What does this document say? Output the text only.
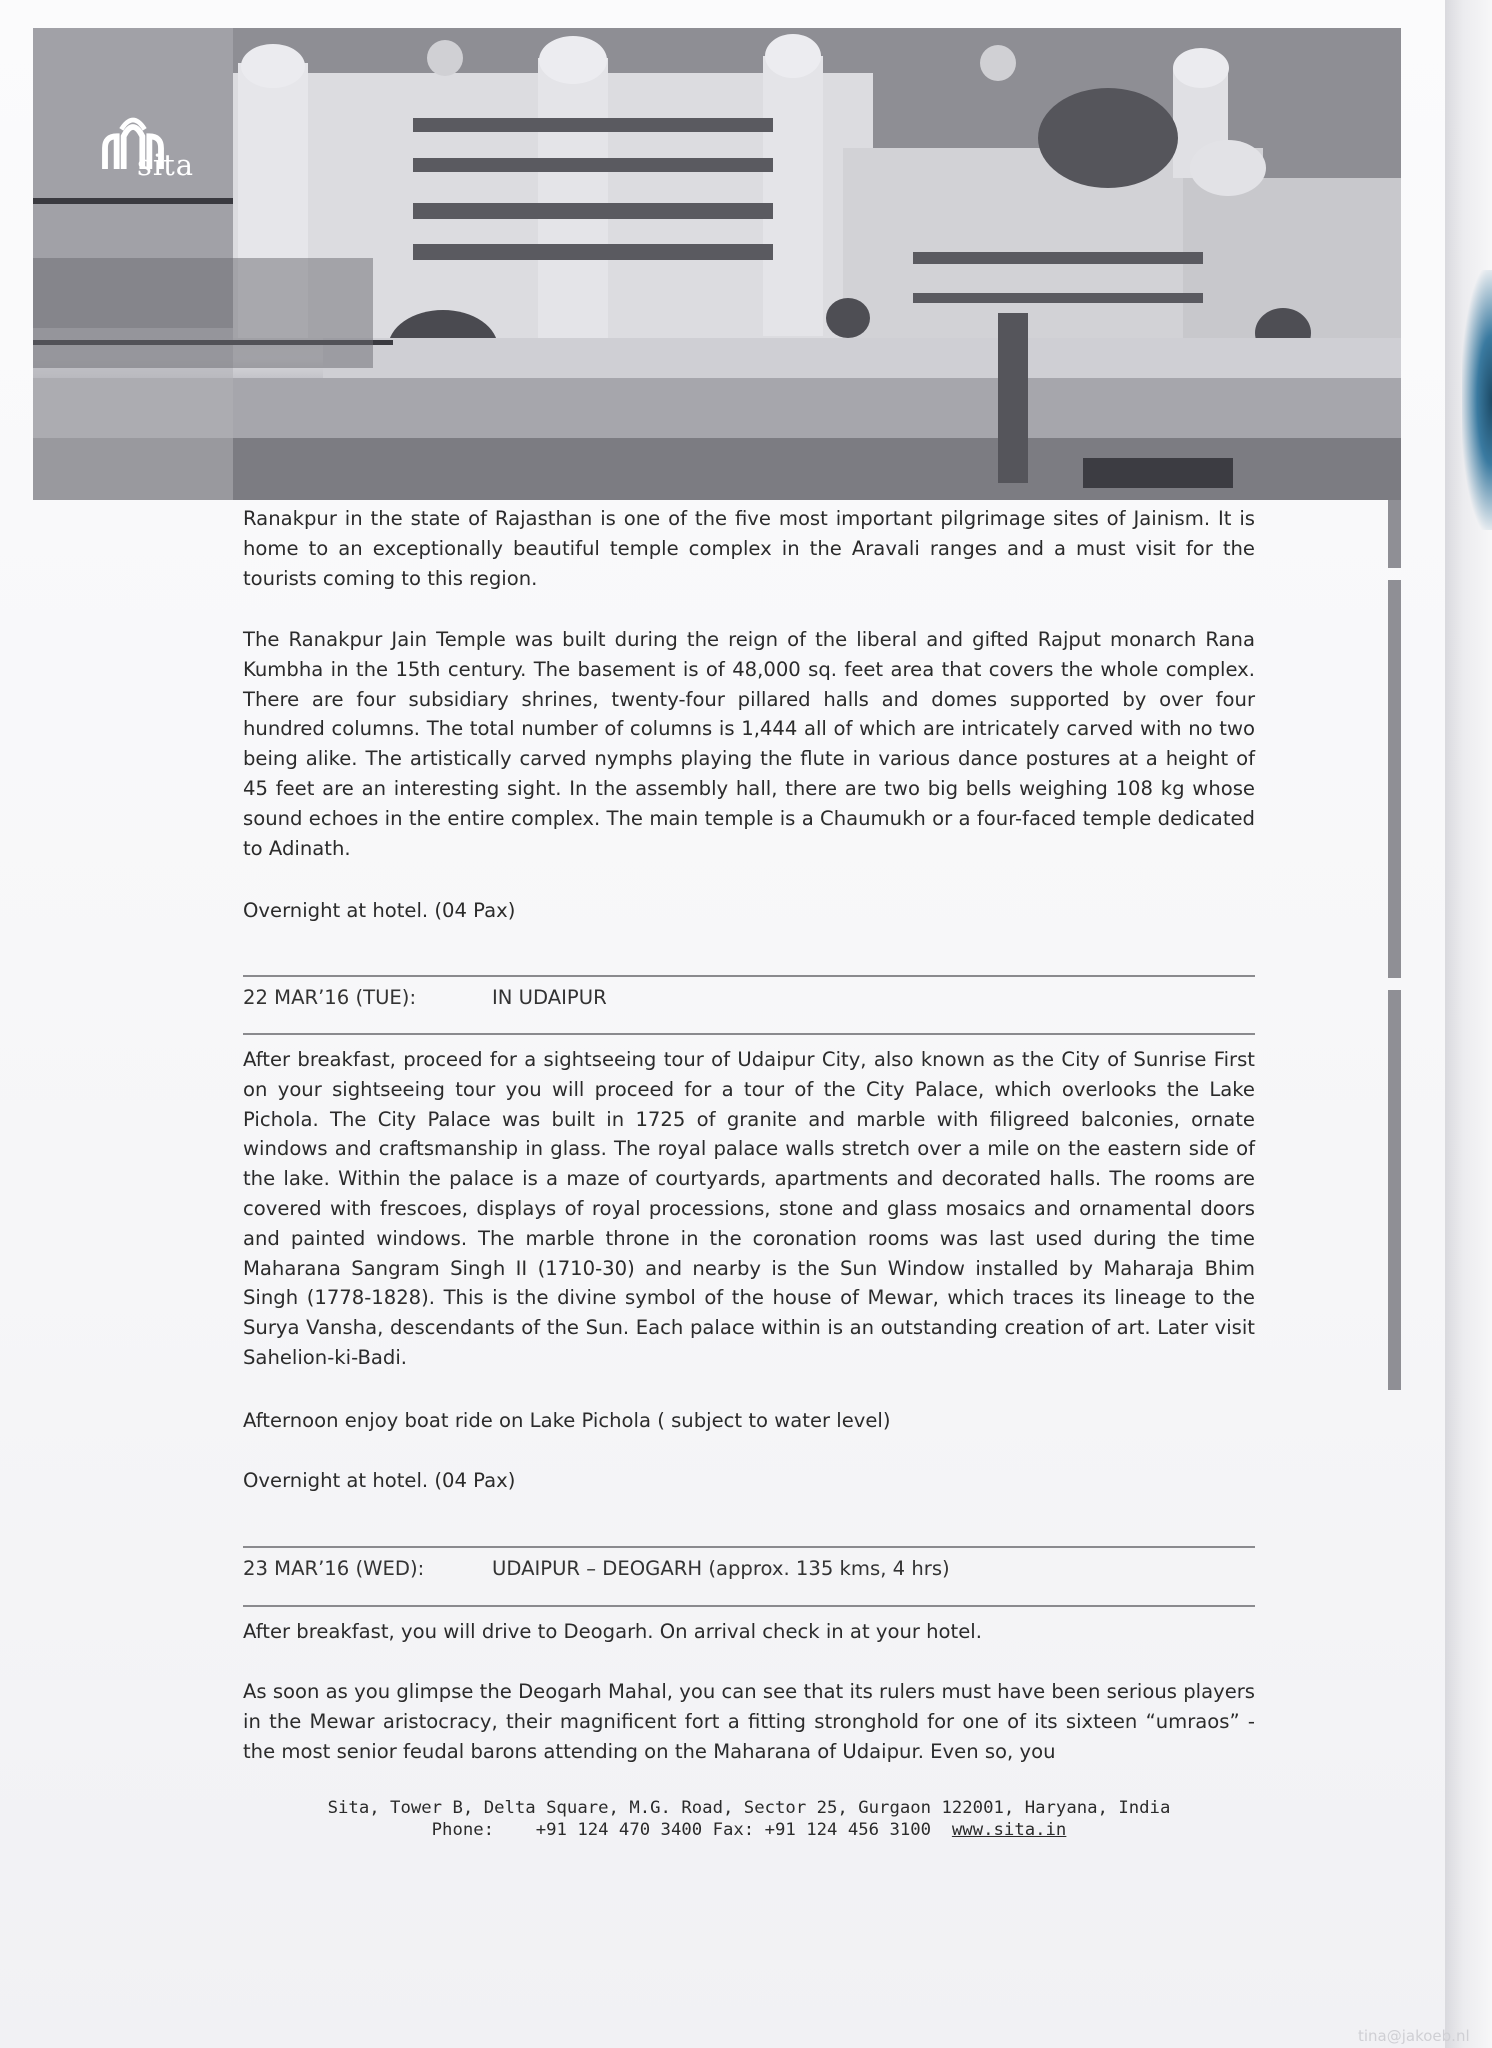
sita

Ranakpur in the state of Rajasthan is one of the five most important pilgrimage sites of Jainism. It is home to an exceptionally beautiful temple complex in the Aravali ranges and a must visit for the tourists coming to this region.

The Ranakpur Jain Temple was built during the reign of the liberal and gifted Rajput monarch Rana Kumbha in the 15th century. The basement is of 48,000 sq. feet area that covers the whole complex. There are four subsidiary shrines, twenty-four pillared halls and domes supported by over four hundred columns. The total number of columns is 1,444 all of which are intricately carved with no two being alike. The artistically carved nymphs playing the flute in various dance postures at a height of 45 feet are an interesting sight. In the assembly hall, there are two big bells weighing 108 kg whose sound echoes in the entire complex. The main temple is a Chaumukh or a four-faced temple dedicated to Adinath.

Overnight at hotel. (04 Pax)

22 MAR’16 (TUE):	IN UDAIPUR

After breakfast, proceed for a sightseeing tour of Udaipur City, also known as the City of Sunrise First on your sightseeing tour you will proceed for a tour of the City Palace, which overlooks the Lake Pichola. The City Palace was built in 1725 of granite and marble with filigreed balconies, ornate windows and craftsmanship in glass. The royal palace walls stretch over a mile on the eastern side of the lake. Within the palace is a maze of courtyards, apartments and decorated halls. The rooms are covered with frescoes, displays of royal processions, stone and glass mosaics and ornamental doors and painted windows. The marble throne in the coronation rooms was last used during the time Maharana Sangram Singh II (1710-30) and nearby is the Sun Window installed by Maharaja Bhim Singh (1778-1828). This is the divine symbol of the house of Mewar, which traces its lineage to the Surya Vansha, descendants of the Sun. Each palace within is an outstanding creation of art. Later visit Sahelion-ki-Badi.

Afternoon enjoy boat ride on Lake Pichola ( subject to water level)

Overnight at hotel. (04 Pax)

23 MAR’16 (WED):	UDAIPUR – DEOGARH (approx. 135 kms, 4 hrs)

After breakfast, you will drive to Deogarh. On arrival check in at your hotel.

As soon as you glimpse the Deogarh Mahal, you can see that its rulers must have been serious players in the Mewar aristocracy, their magnificent fort a fitting stronghold for one of its sixteen “umraos” - the most senior feudal barons attending on the Maharana of Udaipur. Even so, you

Sita, Tower B, Delta Square, M.G. Road, Sector 25, Gurgaon 122001, Haryana, India
Phone: +91 124 470 3400 Fax: +91 124 456 3100 www.sita.in
tina@jakoeb.nl
